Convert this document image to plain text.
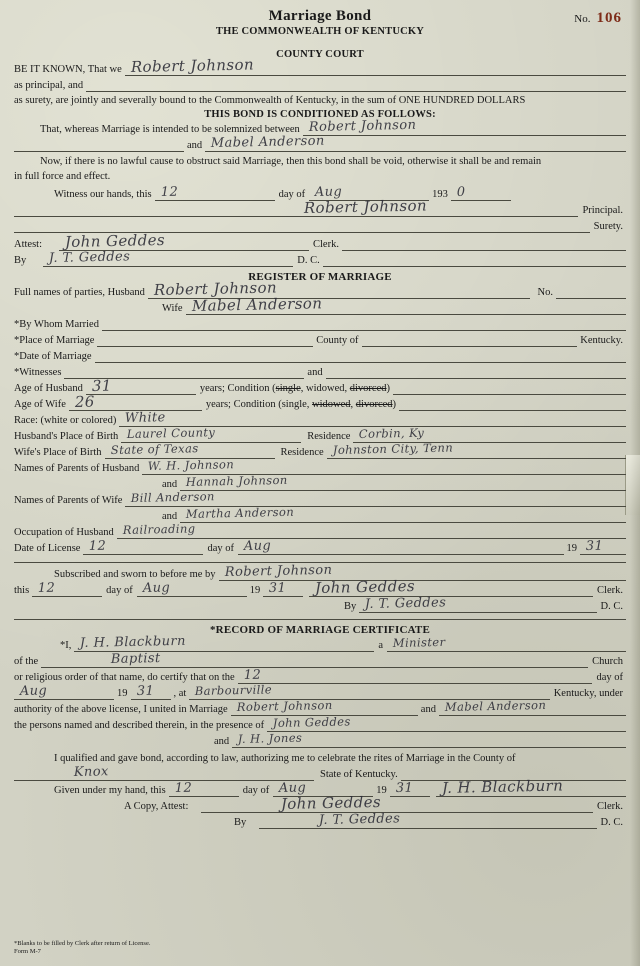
Marriage Bond
THE COMMONWEALTH OF KENTUCKY
No. 106
COUNTY COURT
BE IT KNOWN, That we Robert Johnson
as principal, and
as surety, are jointly and severally bound to the Commonwealth of Kentucky, in the sum of ONE HUNDRED DOLLARS
THIS BOND IS CONDITIONED AS FOLLOWS:
That, whereas Marriage is intended to be solemnized between Robert Johnson
and Mabel Anderson
Now, if there is no lawful cause to obstruct said Marriage, then this bond shall be void, otherwise it shall be and remain
in full force and effect.
Witness our hands, this 12	day of Aug	193 0
Robert Johnson	Principal.
Surety.
Attest: John Geddes	Clerk.
By J. T. Geddes	D. C.
REGISTER OF MARRIAGE
Full names of parties, Husband Robert Johnson	No.
Wife Mabel Anderson
*By Whom Married
*Place of Marriage	County of	Kentucky.
*Date of Marriage
*Witnesses	and
Age of Husband 31	years; Condition (single, widowed, divorced)
Age of Wife 26	years; Condition (single, widowed, divorced)
Race: (white or colored) White
Husband's Place of Birth Laurel County	Residence Corbin, Ky
Wife's Place of Birth State of Texas	Residence Johnston City, Tenn
Names of Parents of Husband W. H. Johnson
and Hannah Johnson
Names of Parents of Wife Bill Anderson
and Martha Anderson
Occupation of Husband Railroading
Date of License 12	day of Aug	19 31
Subscribed and sworn to before me by Robert Johnson
this 12	day of Aug	19 31 John Geddes	Clerk.
By J. T. Geddes	D. C.
*RECORD OF MARRIAGE CERTIFICATE
*I, J. H. Blackburn	a Minister
of the	Baptist	Church
or religious order of that name, do certify that on the 12	day of
Aug	19 31 , at Barbourville	Kentucky, under
authority of the above license, I united in Marriage Robert Johnson	and Mabel Anderson
the persons named and described therein, in the presence of John Geddes
and J. H. Jones
I qualified and gave bond, according to law, authorizing me to celebrate the rites of Marriage in the County of
Knox	State of Kentucky.
Given under my hand, this 12	day of Aug	19 31 J. H. Blackburn
A Copy, Attest:	John Geddes	Clerk.
By	J. T. Geddes	D. C.
*Blanks to be filled by Clerk after return of License.
Form M-7
